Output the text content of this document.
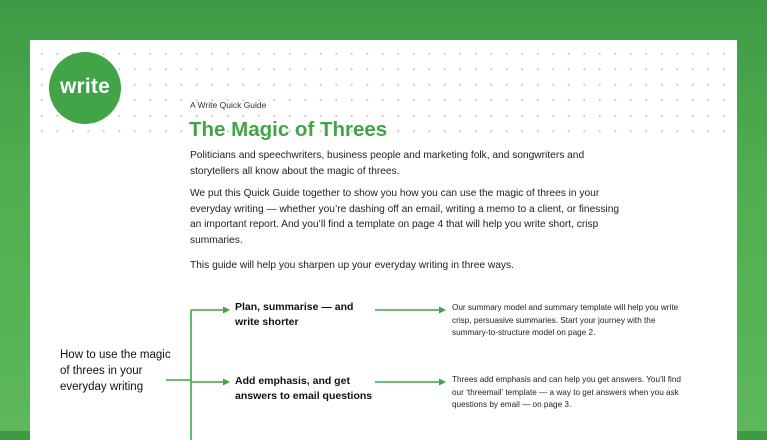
write
A Write Quick Guide
The Magic of Threes
Politicians and speechwriters, business people and marketing folk, and songwriters and storytellers all know about the magic of threes.
We put this Quick Guide together to show you how you can use the magic of threes in your everyday writing — whether you’re dashing off an email, writing a memo to a client, or finessing an important report. And you’ll find a template on page 4 that will help you write short, crisp summaries.
This guide will help you sharpen up your everyday writing in three ways.
How to use the magic of threes in your everyday writing
Plan, summarise — and write shorter
Our summary model and summary template will help you write crisp, persuasive summaries. Start your journey with the summary-to-structure model on page 2.
Add emphasis, and get answers to email questions
Threes add emphasis and can help you get answers. You’ll find our ‘threemail’ template — a way to get answers when you ask questions by email — on page 3.
